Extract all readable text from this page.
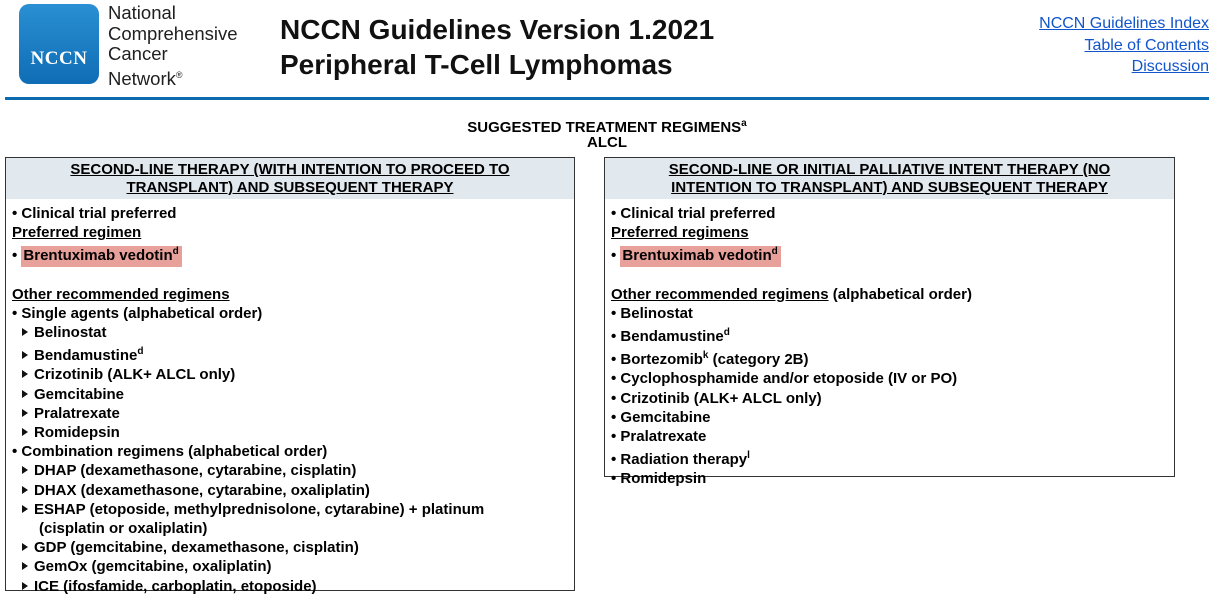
NCCN
National
Comprehensive
Cancer
Network®
NCCN Guidelines Version 1.2021
Peripheral T-Cell Lymphomas
NCCN Guidelines Index
Table of Contents
Discussion
SUGGESTED TREATMENT REGIMENS$^a$
ALCL
SECOND-LINE THERAPY (WITH INTENTION TO PROCEED TO
TRANSPLANT) AND SUBSEQUENT THERAPY
• Clinical trial preferred
Preferred regimen
• Brentuximab vedotin$^d$
Other recommended regimens
• Single agents (alphabetical order)
Belinostat
Bendamustine$^d$
Crizotinib (ALK+ ALCL only)
Gemcitabine
Pralatrexate
Romidepsin
• Combination regimens (alphabetical order)
DHAP (dexamethasone, cytarabine, cisplatin)
DHAX (dexamethasone, cytarabine, oxaliplatin)
ESHAP (etoposide, methylprednisolone, cytarabine) + platinum
(cisplatin or oxaliplatin)
GDP (gemcitabine, dexamethasone, cisplatin)
GemOx (gemcitabine, oxaliplatin)
ICE (ifosfamide, carboplatin, etoposide)
SECOND-LINE OR INITIAL PALLIATIVE INTENT THERAPY (NO
INTENTION TO TRANSPLANT) AND SUBSEQUENT THERAPY
• Clinical trial preferred
Preferred regimens
• Brentuximab vedotin$^d$
Other recommended regimens (alphabetical order)
• Belinostat
• Bendamustine$^d$
• Bortezomib$^k$ (category 2B)
• Cyclophosphamide and/or etoposide (IV or PO)
• Crizotinib (ALK+ ALCL only)
• Gemcitabine
• Pralatrexate
• Radiation therapy$^l$
• Romidepsin
